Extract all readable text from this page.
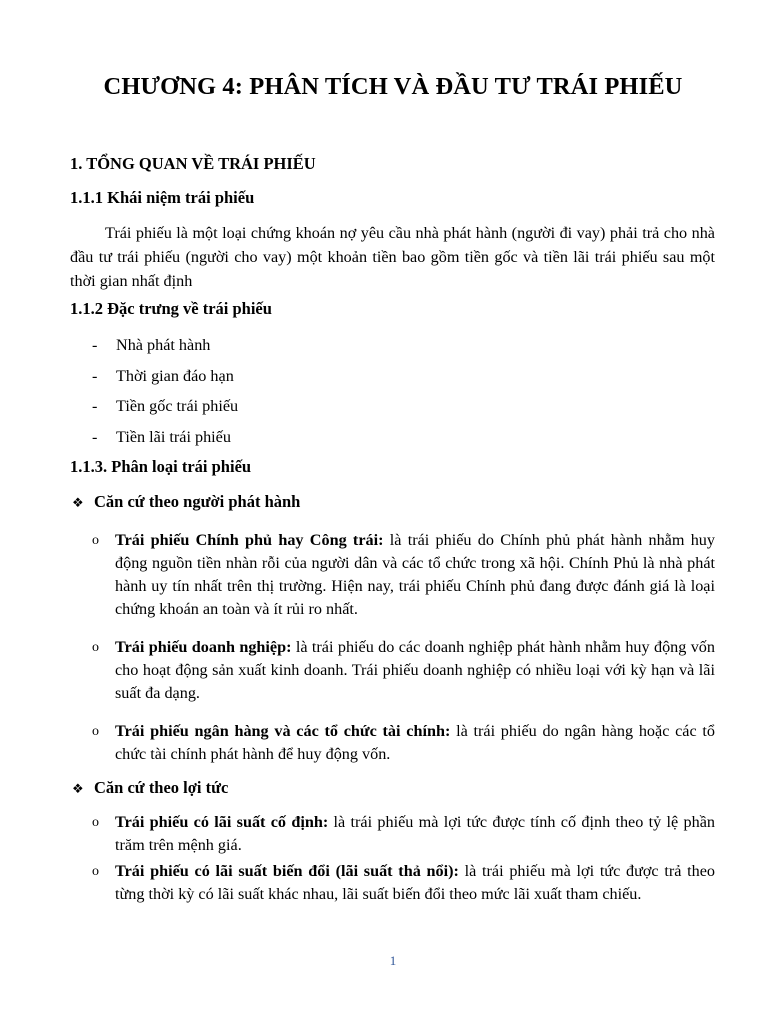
CHƯƠNG 4: PHÂN TÍCH VÀ ĐẦU TƯ TRÁI PHIẾU
1. TỔNG QUAN VỀ TRÁI PHIẾU
1.1.1 Khái niệm trái phiếu
Trái phiếu là một loại chứng khoán nợ yêu cầu nhà phát hành (người đi vay) phải trả cho nhà đầu tư trái phiếu (người cho vay) một khoản tiền bao gồm tiền gốc và tiền lãi trái phiếu sau một thời gian nhất định
1.1.2 Đặc trưng về trái phiếu
- Nhà phát hành
- Thời gian đáo hạn
- Tiền gốc trái phiếu
- Tiền lãi trái phiếu
1.1.3. Phân loại trái phiếu
❖ Căn cứ theo người phát hành
o Trái phiếu Chính phủ hay Công trái: là trái phiếu do Chính phủ phát hành nhằm huy động nguồn tiền nhàn rỗi của người dân và các tổ chức trong xã hội. Chính Phủ là nhà phát hành uy tín nhất trên thị trường. Hiện nay, trái phiếu Chính phủ đang được đánh giá là loại chứng khoán an toàn và ít rủi ro nhất.
o Trái phiếu doanh nghiệp: là trái phiếu do các doanh nghiệp phát hành nhằm huy động vốn cho hoạt động sản xuất kinh doanh. Trái phiếu doanh nghiệp có nhiều loại với kỳ hạn và lãi suất đa dạng.
o Trái phiếu ngân hàng và các tổ chức tài chính: là trái phiếu do ngân hàng hoặc các tổ chức tài chính phát hành để huy động vốn.
❖ Căn cứ theo lợi tức
o Trái phiếu có lãi suất cố định: là trái phiếu mà lợi tức được tính cố định theo tỷ lệ phần trăm trên mệnh giá.
o Trái phiếu có lãi suất biến đổi (lãi suất thả nổi): là trái phiếu mà lợi tức được trả theo từng thời kỳ có lãi suất khác nhau, lãi suất biến đổi theo mức lãi xuất tham chiếu.
1
